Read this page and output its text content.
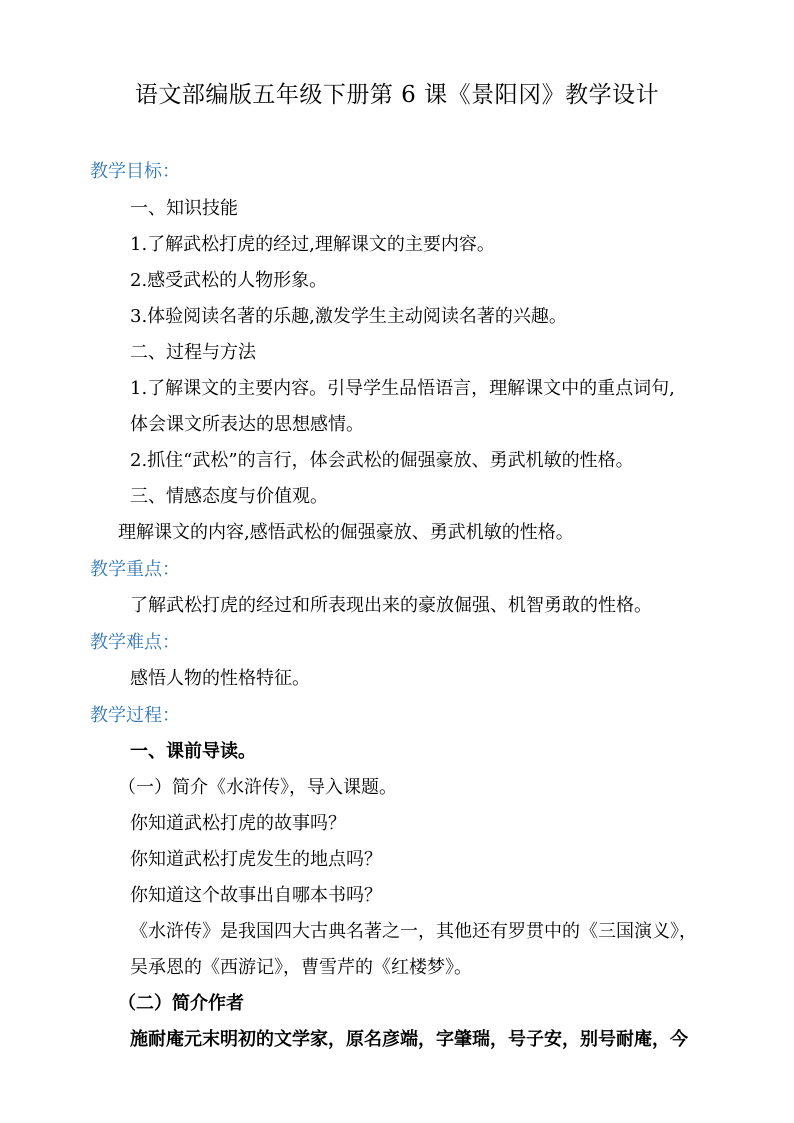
语文部编版五年级下册第 6 课《景阳冈》教学设计
教学目标：
一、知识技能
1.了解武松打虎的经过,理解课文的主要内容。
2.感受武松的人物形象。
3.体验阅读名著的乐趣,激发学生主动阅读名著的兴趣。
二、过程与方法
1.了解课文的主要内容。引导学生品悟语言，理解课文中的重点词句,
体会课文所表达的思想感情。
2.抓住“武松”的言行，体会武松的倔强豪放、勇武机敏的性格。
三、情感态度与价值观。
理解课文的内容,感悟武松的倔强豪放、勇武机敏的性格。
教学重点：
了解武松打虎的经过和所表现出来的豪放倔强、机智勇敢的性格。
教学难点：
感悟人物的性格特征。
教学过程：
一、课前导读。
（一）简介《水浒传》，导入课题。
你知道武松打虎的故事吗？
你知道武松打虎发生的地点吗？
你知道这个故事出自哪本书吗？
《水浒传》是我国四大古典名著之一，其他还有罗贯中的《三国演义》，
吴承恩的《西游记》，曹雪芹的《红楼梦》。
（二）简介作者
施耐庵元末明初的文学家，原名彦端，字肇瑞，号子安，别号耐庵，今
